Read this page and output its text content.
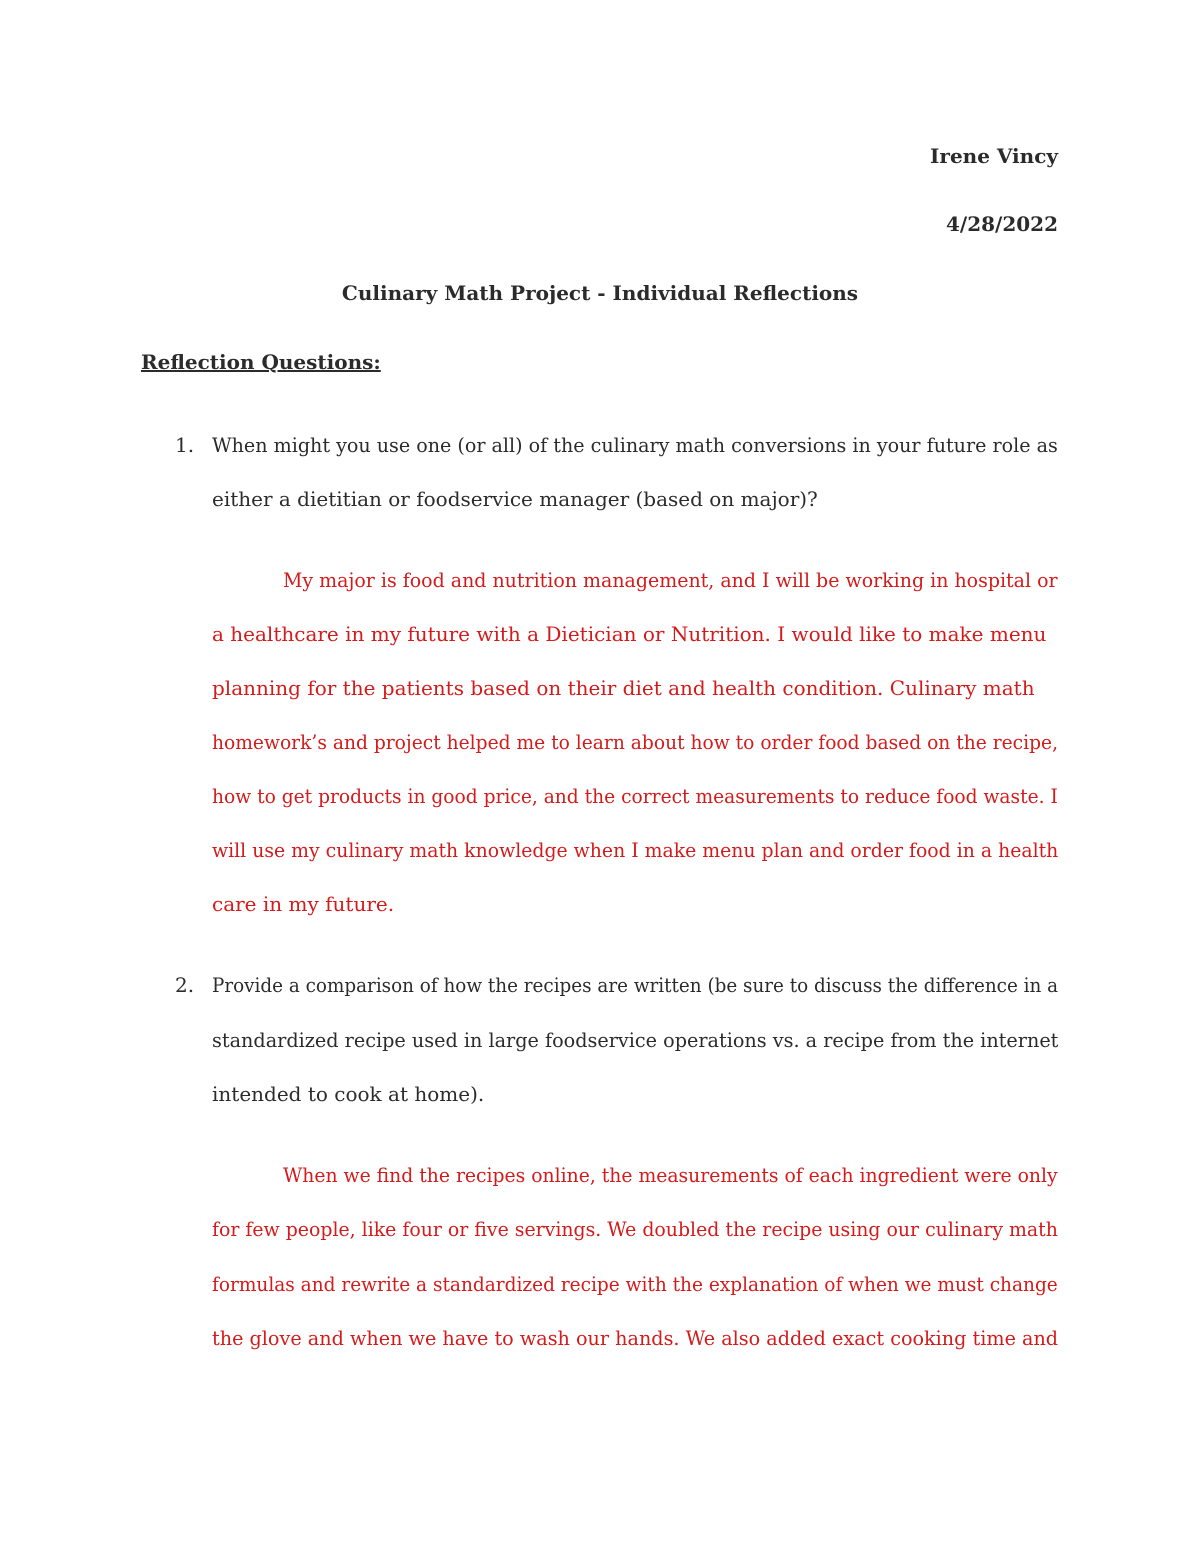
Irene Vincy
4/28/2022
Culinary Math Project - Individual Reflections
Reflection Questions:
1. When might you use one (or all) of the culinary math conversions in your future role as
either a dietitian or foodservice manager (based on major)?
My major is food and nutrition management, and I will be working in hospital or
a healthcare in my future with a Dietician or Nutrition. I would like to make menu
planning for the patients based on their diet and health condition. Culinary math
homework’s and project helped me to learn about how to order food based on the recipe,
how to get products in good price, and the correct measurements to reduce food waste. I
will use my culinary math knowledge when I make menu plan and order food in a health
care in my future.
2. Provide a comparison of how the recipes are written (be sure to discuss the difference in a
standardized recipe used in large foodservice operations vs. a recipe from the internet
intended to cook at home).
When we find the recipes online, the measurements of each ingredient were only
for few people, like four or five servings. We doubled the recipe using our culinary math
formulas and rewrite a standardized recipe with the explanation of when we must change
the glove and when we have to wash our hands. We also added exact cooking time and
